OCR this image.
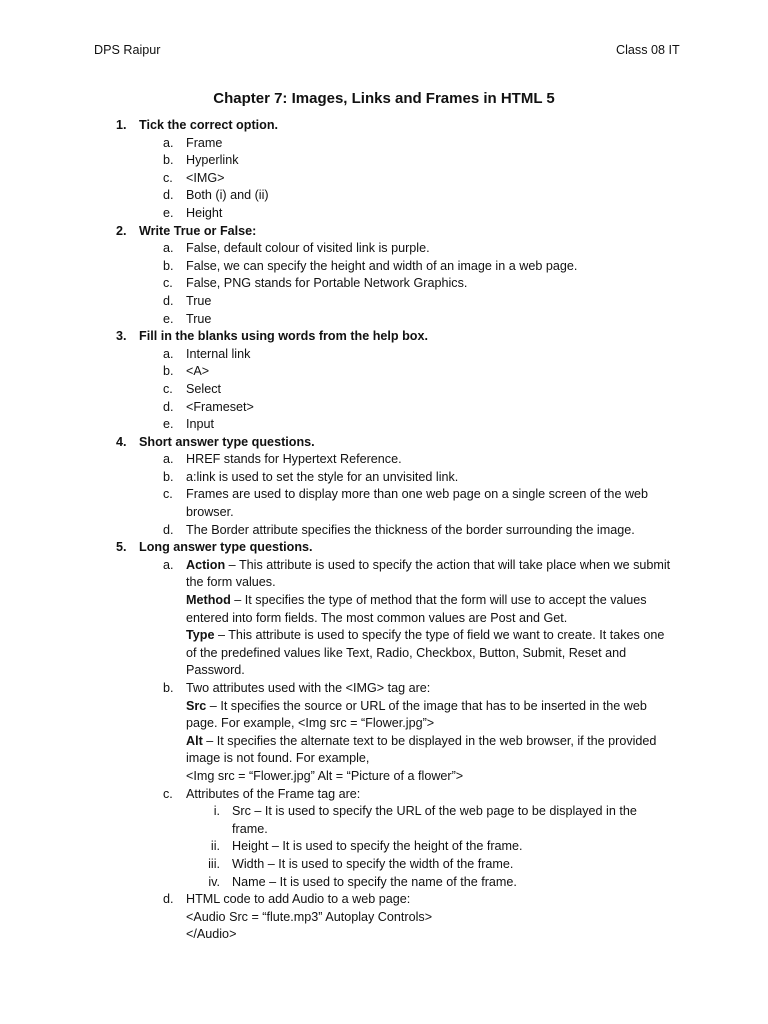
DPS Raipur	Class 08 IT
Chapter 7: Images, Links and Frames in HTML 5
1. Tick the correct option.
a. Frame
b. Hyperlink
c. <IMG>
d. Both (i) and (ii)
e. Height
2. Write True or False:
a. False, default colour of visited link is purple.
b. False, we can specify the height and width of an image in a web page.
c. False, PNG stands for Portable Network Graphics.
d. True
e. True
3. Fill in the blanks using words from the help box.
a. Internal link
b. <A>
c. Select
d. <Frameset>
e. Input
4. Short answer type questions.
a. HREF stands for Hypertext Reference.
b. a:link is used to set the style for an unvisited link.
c. Frames are used to display more than one web page on a single screen of the web browser.
d. The Border attribute specifies the thickness of the border surrounding the image.
5. Long answer type questions.
a. Action – This attribute is used to specify the action that will take place when we submit the form values.
Method – It specifies the type of method that the form will use to accept the values entered into form fields. The most common values are Post and Get.
Type – This attribute is used to specify the type of field we want to create. It takes one of the predefined values like Text, Radio, Checkbox, Button, Submit, Reset and Password.
b. Two attributes used with the <IMG> tag are:
Src – It specifies the source or URL of the image that has to be inserted in the web page. For example, <Img src = “Flower.jpg”>
Alt – It specifies the alternate text to be displayed in the web browser, if the provided image is not found. For example,
<Img src = “Flower.jpg” Alt = “Picture of a flower”>
c. Attributes of the Frame tag are:
i. Src – It is used to specify the URL of the web page to be displayed in the frame.
ii. Height – It is used to specify the height of the frame.
iii. Width – It is used to specify the width of the frame.
iv. Name – It is used to specify the name of the frame.
d. HTML code to add Audio to a web page:
<Audio Src = “flute.mp3” Autoplay Controls>
</Audio>
